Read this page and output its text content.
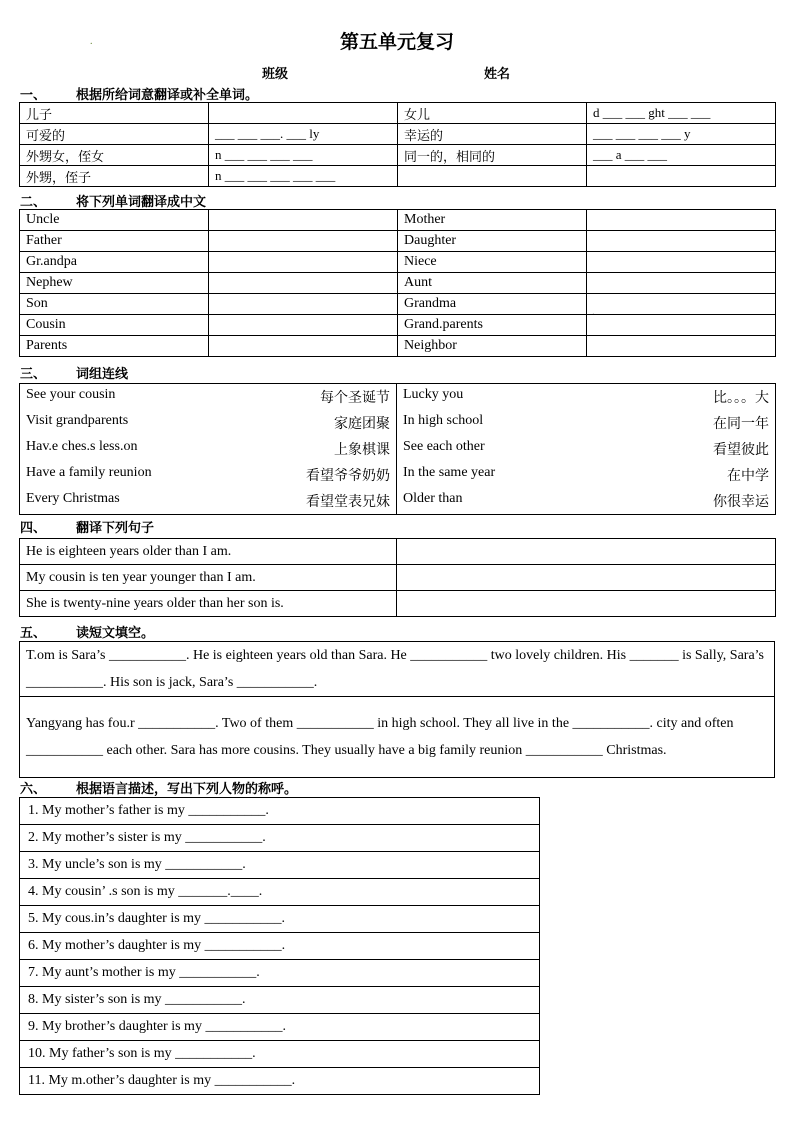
第五单元复习
.
班级	姓名
一、	根据所给词意翻译或补全单词。
儿子		女儿	d ___ ___ ght ___ ___
可爱的	___ ___ ___. ___ ly	幸运的	___ ___ ___ ___ y
外甥女，侄女	n ___ ___ ___ ___	同一的，相同的	___ a ___ ___
外甥，侄子	n ___ ___ ___ ___ ___		
二、	将下列单词翻译成中文
Uncle		Mother	
Father		Daughter	
Gr.andpa		Niece	
Nephew		Aunt	
Son		Grandma	
Cousin		Grand.parents	
Parents		Neighbor	
.
三、	词组连线
See your cousin 每个圣诞节	Lucky you 比。。。大

Visit grandparents 家庭团聚	In high school 在同一年

Hav.e ches.s less.on 上象棋课	See each other 看望彼此

Have a family reunion 看望爷爷奶奶	In the same year 在中学

Every Christmas 看望堂表兄妹	Older than 你很幸运
四、	翻译下列句子
He is eighteen years older than I am.	
My cousin is ten year younger than I am.	
She is twenty-nine years older than her son is.	
五、	读短文填空。
T.om is Sara’s ___________. He is eighteen years old than Sara. He ___________ two lovely children. His _______ is Sally, Sara’s ___________. His son is jack, Sara’s ___________.
Yangyang has fou.r ___________. Two of them ___________ in high school. They all live in the ___________. city and often ___________ each other. Sara has more cousins. They usually have a big family reunion ___________ Christmas.
六、	根据语言描述，写出下列人物的称呼。
1. My mother’s father is my ___________.
2. My mother’s sister is my ___________.
3. My uncle’s son is my ___________.
4. My cousin’ .s son is my _______.____.
5. My cous.in’s daughter is my ___________.
6. My mother’s daughter is my ___________.
7. My aunt’s mother is my ___________.
8. My sister’s son is my ___________.
9. My brother’s daughter is my ___________.
10. My father’s son is my ___________.
11. My m.other’s daughter is my ___________.
